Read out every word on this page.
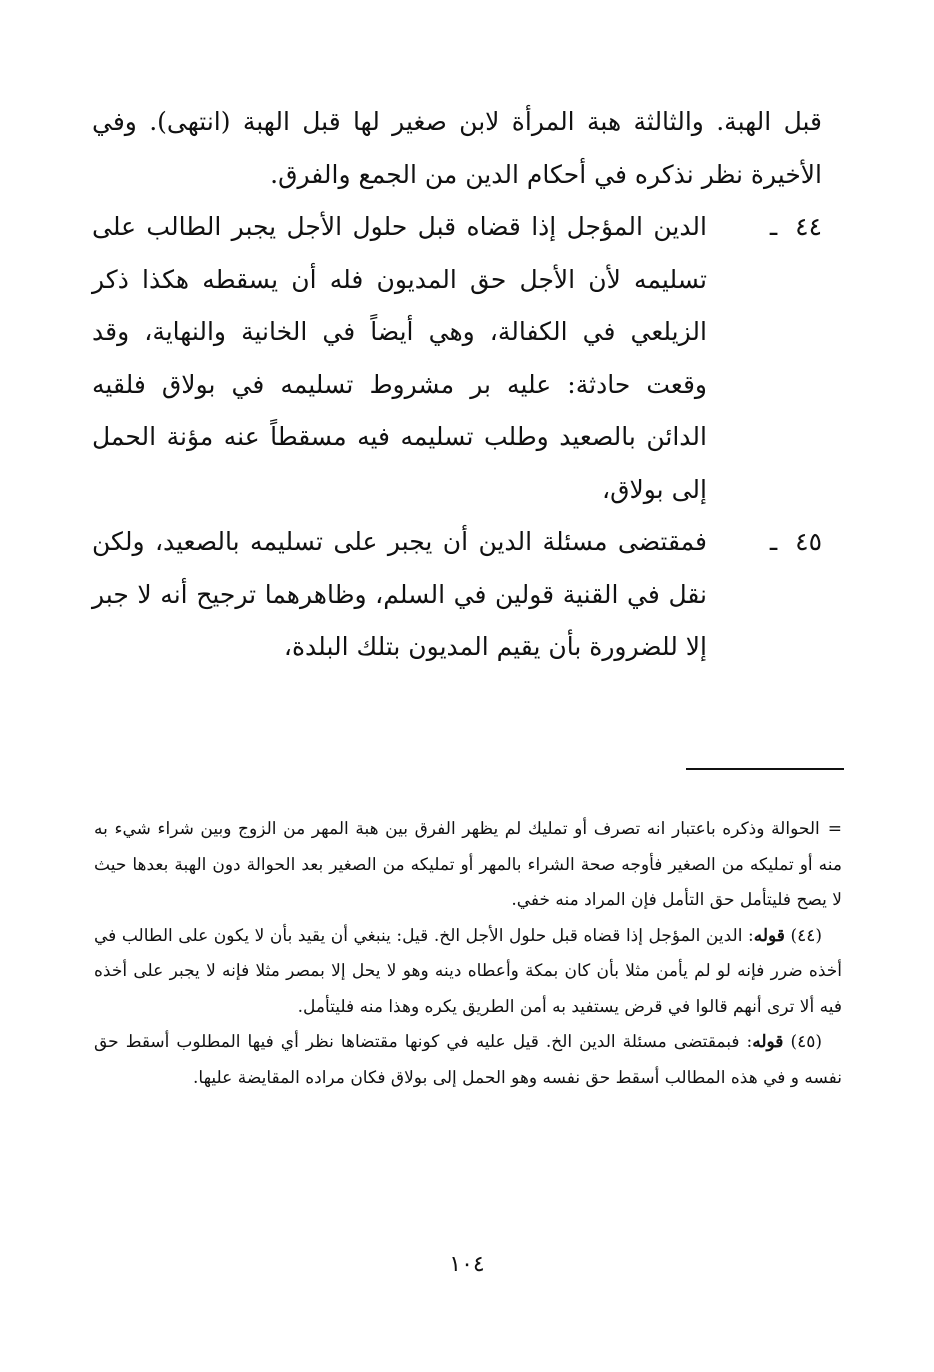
قبل الهبة. والثالثة هبة المرأة لابن صغير لها قبل الهبة (انتهى). وفي الأخيرة نظر نذكره في أحكام الدين من الجمع والفرق.
٤٤ـ
الدين المؤجل إذا قضاه قبل حلول الأجل يجبر الطالب على تسليمه لأن الأجل حق المديون فله أن يسقطه هكذا ذكر الزيلعي في الكفالة، وهي أيضاً في الخانية والنهاية، وقد وقعت حادثة: عليه بر مشروط تسليمه في بولاق فلقيه الدائن بالصعيد وطلب تسليمه فيه مسقطاً عنه مؤنة الحمل إلى بولاق،
٤٥ـ
فمقتضى مسئلة الدين أن يجبر على تسليمه بالصعيد، ولكن نقل في القنية قولين في السلم، وظاهرهما ترجيح أنه لا جبر إلا للضرورة بأن يقيم المديون بتلك البلدة،

=الحوالة وذكره باعتبار انه تصرف أو تمليك لم يظهر الفرق بين هبة المهر من الزوج وبين شراء شيء به منه أو تمليكه من الصغير فأوجه صحة الشراء بالمهر أو تمليكه من الصغير بعد الحوالة دون الهبة بعدها حيث لا يصح فليتأمل حق التأمل فإن المراد منه خفي.

(٤٤) قوله: الدين المؤجل إذا قضاه قبل حلول الأجل الخ. قيل: ينبغي أن يقيد بأن لا يكون على الطالب في أخذه ضرر فإنه لو لم يأمن مثلا بأن كان بمكة وأعطاه دينه وهو لا يحل إلا بمصر مثلا فإنه لا يجبر على أخذه فيه ألا ترى أنهم قالوا في قرض يستفيد به أمن الطريق يكره وهذا منه فليتأمل.

(٤٥) قوله: فبمقتضى مسئلة الدين الخ. قيل عليه في كونها مقتضاها نظر أي فيها المطلوب أسقط حق نفسه و في هذه المطالب أسقط حق نفسه وهو الحمل إلى بولاق فكان مراده المقايضة عليها.

١٠٤
